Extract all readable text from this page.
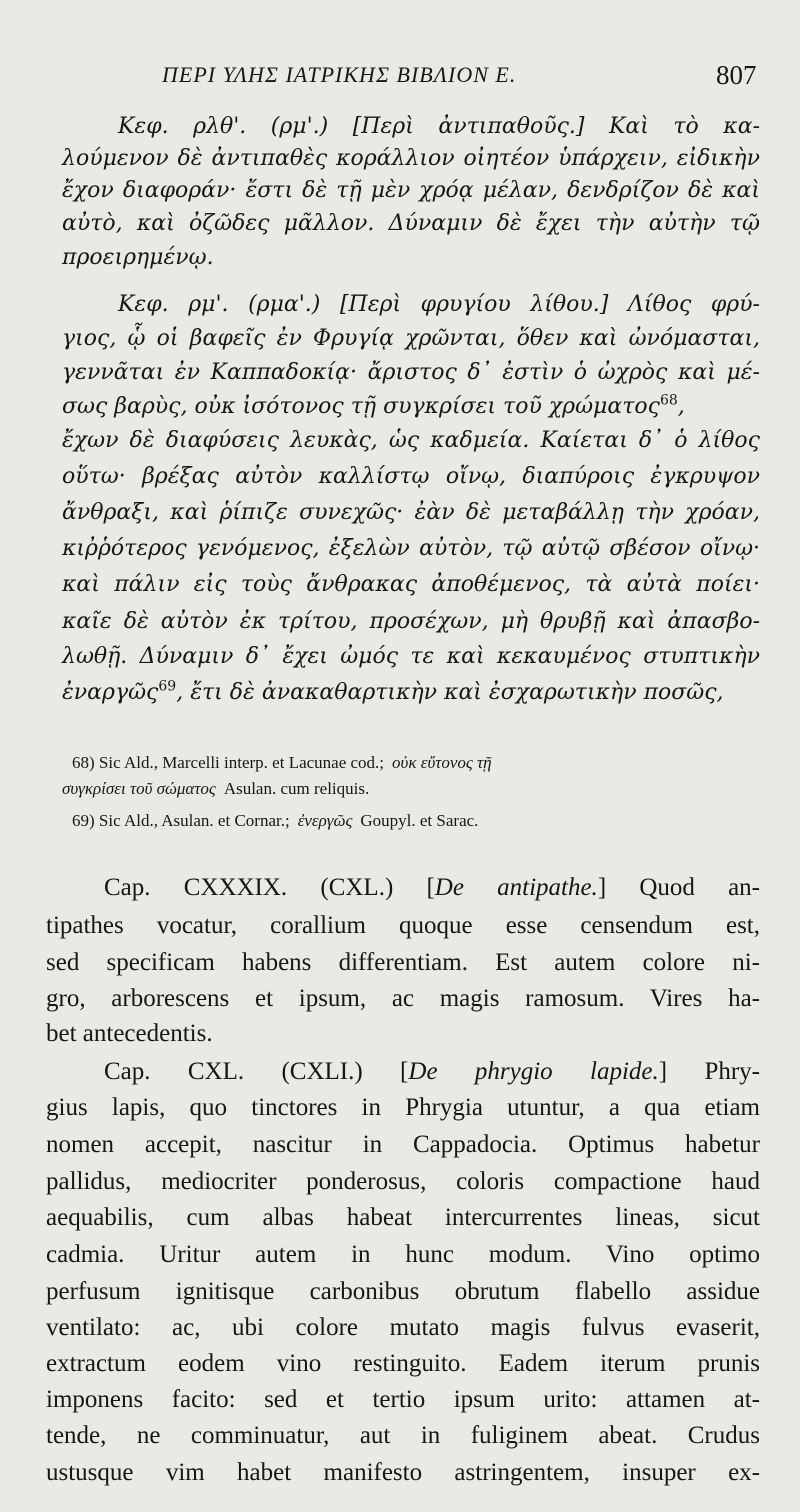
ΠΕΡΙ ΥΛΗΣ ΙΑΤΡΙΚΗΣ ΒΙΒΛΙΟΝ Ε.	807
Κεφ. ρλθ'. (ρμ'.) [Περὶ ἀντιπαθοῦς.] Καὶ τὸ κα-
λούμενον δὲ ἀντιπαθὲς κοράλλιον οἰητέον ὑπάρχειν, εἰδικὴν
ἔχον διαφοράν· ἔστι δὲ τῇ μὲν χρόᾳ μέλαν, δενδρίζον δὲ καὶ
αὐτὸ, καὶ ὀζῶδες μᾶλλον. Δύναμιν δὲ ἔχει τὴν αὐτὴν τῷ
προειρημένῳ.
Κεφ. ρμ'. (ρμα'.) [Περὶ φρυγίου λίθου.] Λίθος φρύ-
γιος, ᾧ οἱ βαφεῖς ἐν Φρυγίᾳ χρῶνται, ὅθεν καὶ ὠνόμασται,
γεννᾶται ἐν Καππαδοκίᾳ· ἄριστος δ᾽ ἐστὶν ὁ ὠχρὸς καὶ μέ-
σως βαρὺς, οὐκ ἰσότονος τῇ συγκρίσει τοῦ χρώματος$^{68}$,
ἔχων δὲ διαφύσεις λευκὰς, ὡς καδμεία. Καίεται δ᾽ ὁ λίθος
οὕτω· βρέξας αὐτὸν καλλίστῳ οἴνῳ, διαπύροις ἐγκρυψον
ἄνθραξι, καὶ ῥίπιζε συνεχῶς· ἐὰν δὲ μεταβάλλῃ τὴν χρόαν,
κιῤῥότερος γενόμενος, ἐξελὼν αὐτὸν, τῷ αὐτῷ σβέσον οἴνῳ·
καὶ πάλιν εἰς τοὺς ἄνθρακας ἀποθέμενος, τὰ αὐτὰ ποίει·
καῖε δὲ αὐτὸν ἐκ τρίτου, προσέχων, μὴ θρυβῇ καὶ ἀπασβο-
λωθῇ. Δύναμιν δ᾽ ἔχει ὠμός τε καὶ κεκαυμένος στυπτικὴν
ἐναργῶς$^{69}$, ἔτι δὲ ἀνακαθαρτικὴν καὶ ἐσχαρωτικὴν ποσῶς,
68) Sic Ald., Marcelli interp. et Lacunae cod.; οὐκ εὔτονος τῇ
συγκρίσει τοῦ σώματος Asulan. cum reliquis.
69) Sic Ald., Asulan. et Cornar.; ἐνεργῶς Goupyl. et Sarac.
Cap. CXXXIX. (CXL.) [De antipathe.] Quod an-
tipathes vocatur, corallium quoque esse censendum est,
sed specificam habens differentiam. Est autem colore ni-
gro, arborescens et ipsum, ac magis ramosum. Vires ha-
bet antecedentis.
Cap. CXL. (CXLI.) [De phrygio lapide.] Phry-
gius lapis, quo tinctores in Phrygia utuntur, a qua etiam
nomen accepit, nascitur in Cappadocia. Optimus habetur
pallidus, mediocriter ponderosus, coloris compactione haud
aequabilis, cum albas habeat intercurrentes lineas, sicut
cadmia. Uritur autem in hunc modum. Vino optimo
perfusum ignitisque carbonibus obrutum flabello assidue
ventilato: ac, ubi colore mutato magis fulvus evaserit,
extractum eodem vino restinguito. Eadem iterum prunis
imponens facito: sed et tertio ipsum urito: attamen at-
tende, ne comminuatur, aut in fuliginem abeat. Crudus
ustusque vim habet manifesto astringentem, insuper ex-
